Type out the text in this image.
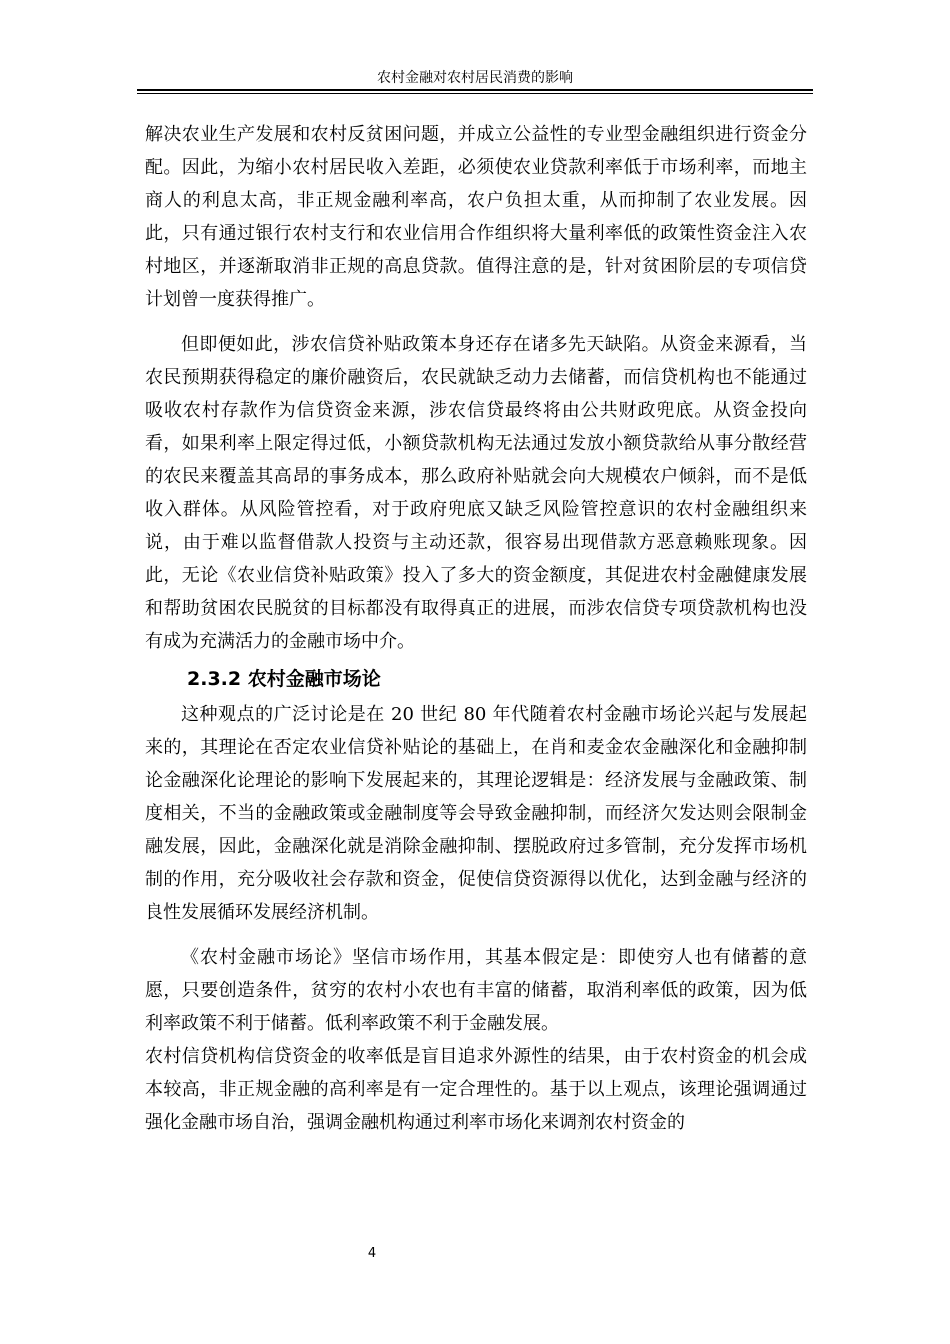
农村金融对农村居民消费的影响

解决农业生产发展和农村反贫困问题，并成立公益性的专业型金融组织进行资金分配。因此，为缩小农村居民收入差距，必须使农业贷款利率低于市场利率，而地主商人的利息太高，非正规金融利率高，农户负担太重，从而抑制了农业发展。因此，只有通过银行农村支行和农业信用合作组织将大量利率低的政策性资金注入农村地区，并逐渐取消非正规的高息贷款。值得注意的是，针对贫困阶层的专项信贷计划曾一度获得推广。

但即便如此，涉农信贷补贴政策本身还存在诸多先天缺陷。从资金来源看，当农民预期获得稳定的廉价融资后，农民就缺乏动力去储蓄，而信贷机构也不能通过吸收农村存款作为信贷资金来源，涉农信贷最终将由公共财政兜底。从资金投向看，如果利率上限定得过低，小额贷款机构无法通过发放小额贷款给从事分散经营的农民来覆盖其高昂的事务成本，那么政府补贴就会向大规模农户倾斜，而不是低收入群体。从风险管控看，对于政府兜底又缺乏风险管控意识的农村金融组织来说，由于难以监督借款人投资与主动还款，很容易出现借款方恶意赖账现象。因此，无论《农业信贷补贴政策》投入了多大的资金额度，其促进农村金融健康发展和帮助贫困农民脱贫的目标都没有取得真正的进展，而涉农信贷专项贷款机构也没有成为充满活力的金融市场中介。

2.3.2 农村金融市场论

这种观点的广泛讨论是在 20 世纪 80 年代随着农村金融市场论兴起与发展起来的，其理论在否定农业信贷补贴论的基础上，在肖和麦金农金融深化和金融抑制论金融深化论理论的影响下发展起来的，其理论逻辑是：经济发展与金融政策、制度相关，不当的金融政策或金融制度等会导致金融抑制，而经济欠发达则会限制金融发展，因此，金融深化就是消除金融抑制、摆脱政府过多管制，充分发挥市场机制的作用，充分吸收社会存款和资金，促使信贷资源得以优化，达到金融与经济的良性发展循环发展经济机制。

《农村金融市场论》坚信市场作用，其基本假定是：即使穷人也有储蓄的意愿，只要创造条件，贫穷的农村小农也有丰富的储蓄，取消利率低的政策，因为低利率政策不利于储蓄。低利率政策不利于金融发展。

农村信贷机构信贷资金的收率低是盲目追求外源性的结果，由于农村资金的机会成本较高，非正规金融的高利率是有一定合理性的。基于以上观点，该理论强调通过强化金融市场自治，强调金融机构通过利率市场化来调剂农村资金的

4
